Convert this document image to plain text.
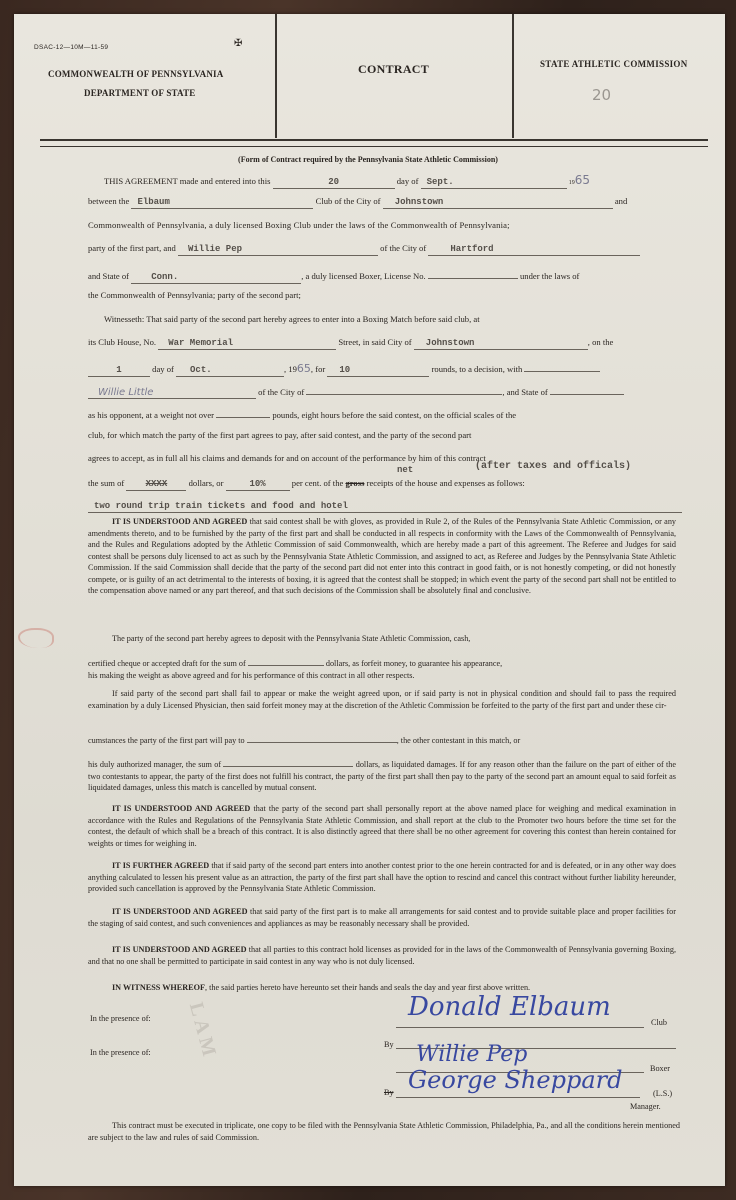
DSAC-12—10M—11-59	✠
COMMONWEALTH OF PENNSYLVANIA
DEPARTMENT OF STATE
CONTRACT	STATE ATHLETIC COMMISSION
20
(Form of Contract required by the Pennsylvania State Athletic Commission)
THIS AGREEMENT made and entered into this	20	day of Sept.	1965
between the Elbaum	Club of the City of Johnstown	and
Commonwealth of Pennsylvania, a duly licensed Boxing Club under the laws of the Commonwealth of Pennsylvania;
party of the first part, and Willie Pep	of the City of	Hartford
and State of Conn.	, a duly licensed Boxer, License No.	under the laws of
the Commonwealth of Pennsylvania; party of the second part;
Witnesseth: That said party of the second part hereby agrees to enter into a Boxing Match before said club, at
its Club House, No. War Memorial	Street, in said City of Johnstown	, on the
1	day of Oct.	, 1965, for 10	rounds, to a decision, with
Willie Little	of the City of	, and State of
as his opponent, at a weight not over	pounds, eight hours before the said contest, on the official scales of the
club, for which match the party of the first part agrees to pay, after said contest, and the party of the second part
agrees to accept, as in full all his claims and demands for and on account of the performance by him of this contract
net	(after taxes and officals)
the sum of XXXX dollars, or	10%	per cent. of the gross receipts of the house and expenses as follows:
two round trip train tickets and food and hotel
IT IS UNDERSTOOD AND AGREED that said contest shall be with gloves, as provided in Rule 2, of the Rules of the Pennsylvania State Athletic Commission, or any amendments thereto, and to be furnished by the party of the first part and shall be conducted in all respects in conformity with the Laws of the Commonwealth of Pennsylvania, and the Rules and Regulations adopted by the Athletic Commission of said Commonwealth, which are hereby made a part of this agreement. The Referee and Judges for said contest shall be persons duly licensed to act as such by the Pennsylvania State Athletic Commission, and assigned to act, as Referee and Judges by the Pennsylvania State Athletic Commission. If the said Commission shall decide that the party of the second part did not enter into this contract in good faith, or is not honestly competing, or did not honestly compete, or is guilty of an act detrimental to the interests of boxing, it is agreed that the contest shall be stopped; in which event the party of the second part shall not be entitled to the compensation above named or any part thereof, and that such decisions of the Commission shall be absolutely final and conclusive.
The party of the second part hereby agrees to deposit with the Pennsylvania State Athletic Commission, cash,
certified cheque or accepted draft for the sum of	dollars, as forfeit money, to guarantee his appearance,
his making the weight as above agreed and for his performance of this contract in all other respects.
If said party of the second part shall fail to appear or make the weight agreed upon, or if said party is not in physical condition and should fail to pass the required examination by a duly Licensed Physician, then said forfeit money may at the discretion of the Athletic Commission be forfeited to the party of the first part and under these cir-
cumstances the party of the first part will pay to	, the other contestant in this match, or
his duly authorized manager, the sum of	dollars, as liquidated damages. If for any reason other than the failure on the part of either of the two contestants to appear, the party of the first does not fulfill his contract, the party of the first part shall then pay to the party of the second part an amount equal to said forfeit as liquidated damages, unless this match is cancelled by mutual consent.
IT IS UNDERSTOOD AND AGREED that the party of the second part shall personally report at the above named place for weighing and medical examination in accordance with the Rules and Regulations of the Pennsylvania State Athletic Commission, and shall report at the club to the Promoter two hours before the time set for the contest, the default of which shall be a breach of this contract. It is also distinctly agreed that there shall be no other agreement for covering this contest than herein contained for weights or times for weighing in.
IT IS FURTHER AGREED that if said party of the second part enters into another contest prior to the one herein contracted for and is defeated, or in any other way does anything calculated to lessen his present value as an attraction, the party of the first part shall have the option to rescind and cancel this contract without further liability hereunder, provided such cancellation is approved by the Pennsylvania State Athletic Commission.
IT IS UNDERSTOOD AND AGREED that said party of the first part is to make all arrangements for said contest and to provide suitable place and proper facilities for the staging of said contest, and such conveniences and appliances as may be reasonably necessary shall be provided.
IT IS UNDERSTOOD AND AGREED that all parties to this contract hold licenses as provided for in the laws of the Commonwealth of Pennsylvania governing Boxing, and that no one shall be permitted to participate in said contest in any way who is not duly licensed.
IN WITNESS WHEREOF, the said parties hereto have hereunto set their hands and seals the day and year first above written.
LAM
In the presence of:
In the presence of:
Donald Elbaum
Club
By Willie Pep
Boxer
By George Sheppard	(L.S.)
Manager.
This contract must be executed in triplicate, one copy to be filed with the Pennsylvania State Athletic Commission, Philadelphia, Pa., and all the conditions herein mentioned are subject to the law and rules of said Commission.
